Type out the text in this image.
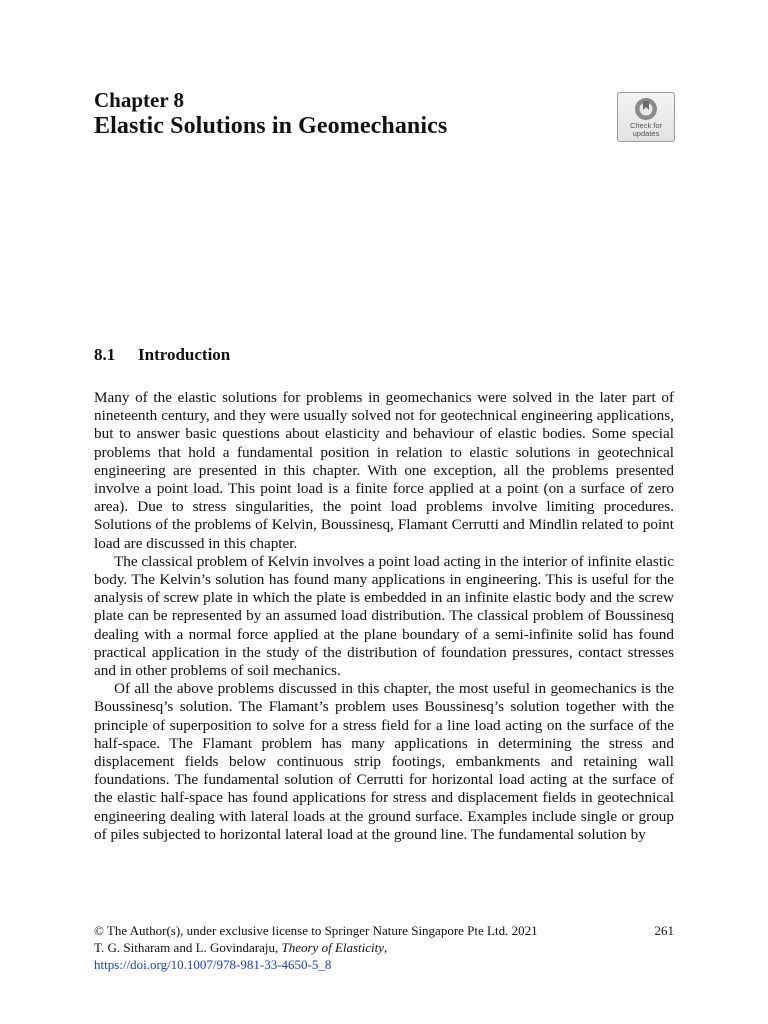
Chapter 8
Elastic Solutions in Geomechanics	Check for
updates
8.1 Introduction

Many of the elastic solutions for problems in geomechanics were solved in the later part of nineteenth century, and they were usually solved not for geotechnical engineering applications, but to answer basic questions about elasticity and behaviour of elastic bodies. Some special problems that hold a fundamental position in relation to elastic solutions in geotechnical engineering are presented in this chapter. With one exception, all the problems presented involve a point load. This point load is a finite force applied at a point (on a surface of zero area). Due to stress singularities, the point load problems involve limiting procedures. Solutions of the problems of Kelvin, Boussinesq, Flamant Cerrutti and Mindlin related to point load are discussed in this chapter.

The classical problem of Kelvin involves a point load acting in the interior of infinite elastic body. The Kelvin’s solution has found many applications in engineering. This is useful for the analysis of screw plate in which the plate is embedded in an infinite elastic body and the screw plate can be represented by an assumed load distribution. The classical problem of Boussinesq dealing with a normal force applied at the plane boundary of a semi-infinite solid has found practical application in the study of the distribution of foundation pressures, contact stresses and in other problems of soil mechanics.

Of all the above problems discussed in this chapter, the most useful in geomechanics is the Boussinesq’s solution. The Flamant’s problem uses Boussinesq’s solution together with the principle of superposition to solve for a stress field for a line load acting on the surface of the half-space. The Flamant problem has many applications in determining the stress and displacement fields below continuous strip footings, embankments and retaining wall foundations. The fundamental solution of Cerrutti for horizontal load acting at the surface of the elastic half-space has found applications for stress and displacement fields in geotechnical engineering dealing with lateral loads at the ground surface. Examples include single or group of piles subjected to horizontal lateral load at the ground line. The fundamental solution by

© The Author(s), under exclusive license to Springer Nature Singapore Pte Ltd. 2021	261
T. G. Sitharam and L. Govindaraju, Theory of Elasticity,
https://doi.org/10.1007/978-981-33-4650-5_8
